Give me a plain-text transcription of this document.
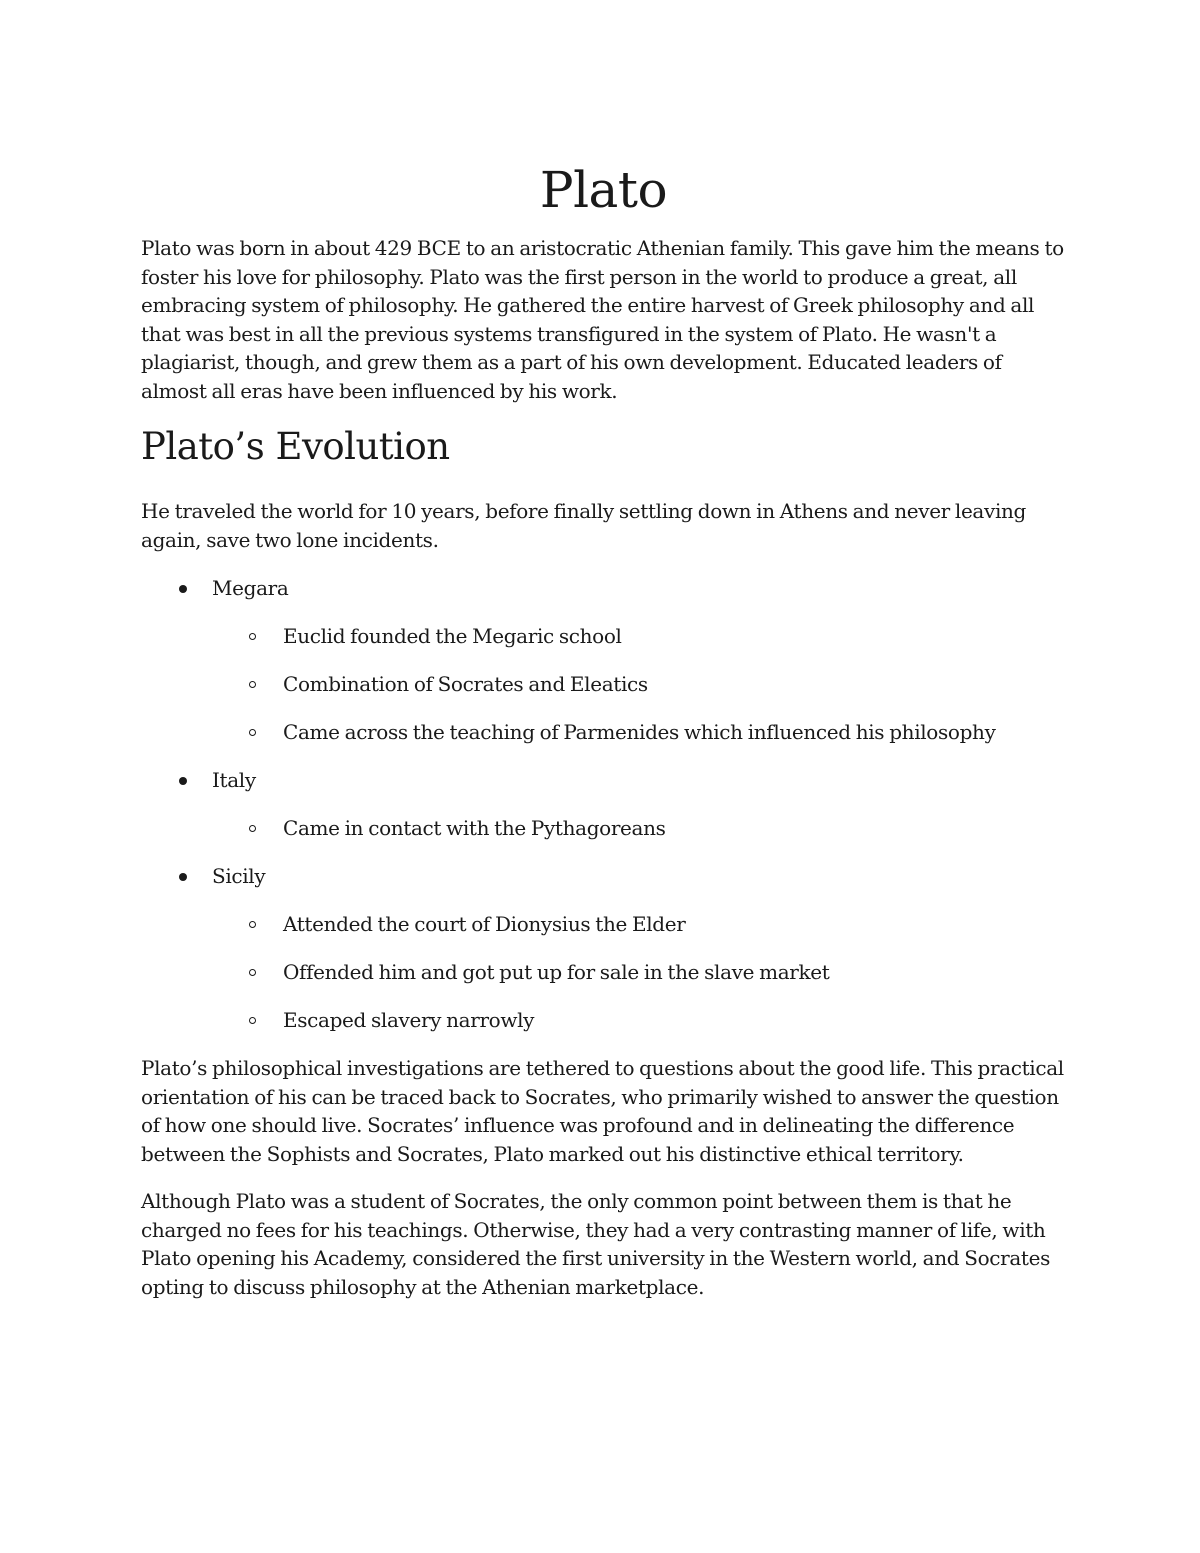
Plato

Plato was born in about 429 BCE to an aristocratic Athenian family. This gave him the means to foster his love for philosophy. Plato was the first person in the world to produce a great, all embracing system of philosophy. He gathered the entire harvest of Greek philosophy and all that was best in all the previous systems transfigured in the system of Plato. He wasn't a plagiarist, though, and grew them as a part of his own development. Educated leaders of almost all eras have been influenced by his work.

Plato’s Evolution

He traveled the world for 10 years, before finally settling down in Athens and never leaving again, save two lone incidents.

Megara
Euclid founded the Megaric school
Combination of Socrates and Eleatics
Came across the teaching of Parmenides which influenced his philosophy
Italy
Came in contact with the Pythagoreans
Sicily
Attended the court of Dionysius the Elder
Offended him and got put up for sale in the slave market
Escaped slavery narrowly

Plato’s philosophical investigations are tethered to questions about the good life. This practical orientation of his can be traced back to Socrates, who primarily wished to answer the question of how one should live. Socrates’ influence was profound and in delineating the difference between the Sophists and Socrates, Plato marked out his distinctive ethical territory.

Although Plato was a student of Socrates, the only common point between them is that he charged no fees for his teachings. Otherwise, they had a very contrasting manner of life, with Plato opening his Academy, considered the first university in the Western world, and Socrates opting to discuss philosophy at the Athenian marketplace.
